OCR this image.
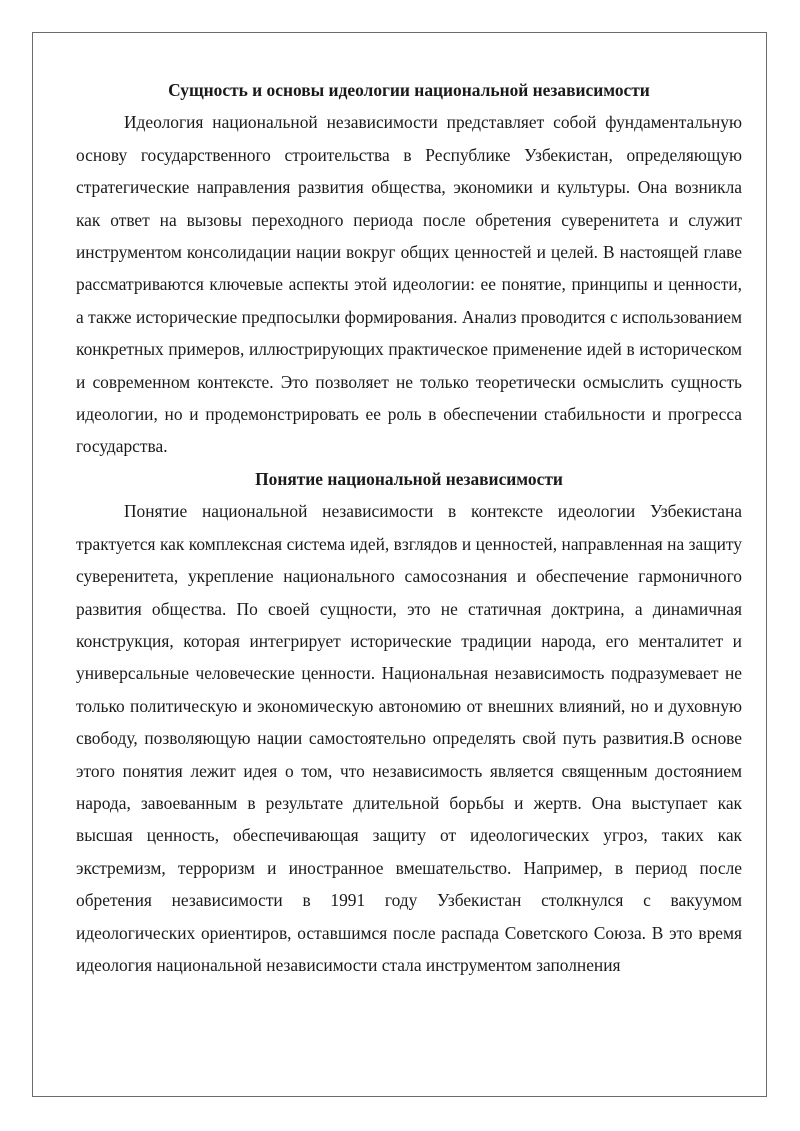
Сущность и основы идеологии национальной независимости

Идеология национальной независимости представляет собой фундаментальную основу государственного строительства в Республике Узбекистан, определяющую стратегические направления развития общества, экономики и культуры. Она возникла как ответ на вызовы переходного периода после обретения суверенитета и служит инструментом консолидации нации вокруг общих ценностей и целей. В настоящей главе рассматриваются ключевые аспекты этой идеологии: ее понятие, принципы и ценности, а также исторические предпосылки формирования. Анализ проводится с использованием конкретных примеров, иллюстрирующих практическое применение идей в историческом и современном контексте. Это позволяет не только теоретически осмыслить сущность идеологии, но и продемонстрировать ее роль в обеспечении стабильности и прогресса государства.

Понятие национальной независимости

Понятие национальной независимости в контексте идеологии Узбекистана трактуется как комплексная система идей, взглядов и ценностей, направленная на защиту суверенитета, укрепление национального самосознания и обеспечение гармоничного развития общества. По своей сущности, это не статичная доктрина, а динамичная конструкция, которая интегрирует исторические традиции народа, его менталитет и универсальные человеческие ценности. Национальная независимость подразумевает не только политическую и экономическую автономию от внешних влияний, но и духовную свободу, позволяющую нации самостоятельно определять свой путь развития.В основе этого понятия лежит идея о том, что независимость является священным достоянием народа, завоеванным в результате длительной борьбы и жертв. Она выступает как высшая ценность, обеспечивающая защиту от идеологических угроз, таких как экстремизм, терроризм и иностранное вмешательство. Например, в период после обретения независимости в 1991 году Узбекистан столкнулся с вакуумом идеологических ориентиров, оставшимся после распада Советского Союза. В это время идеология национальной независимости стала инструментом заполнения
